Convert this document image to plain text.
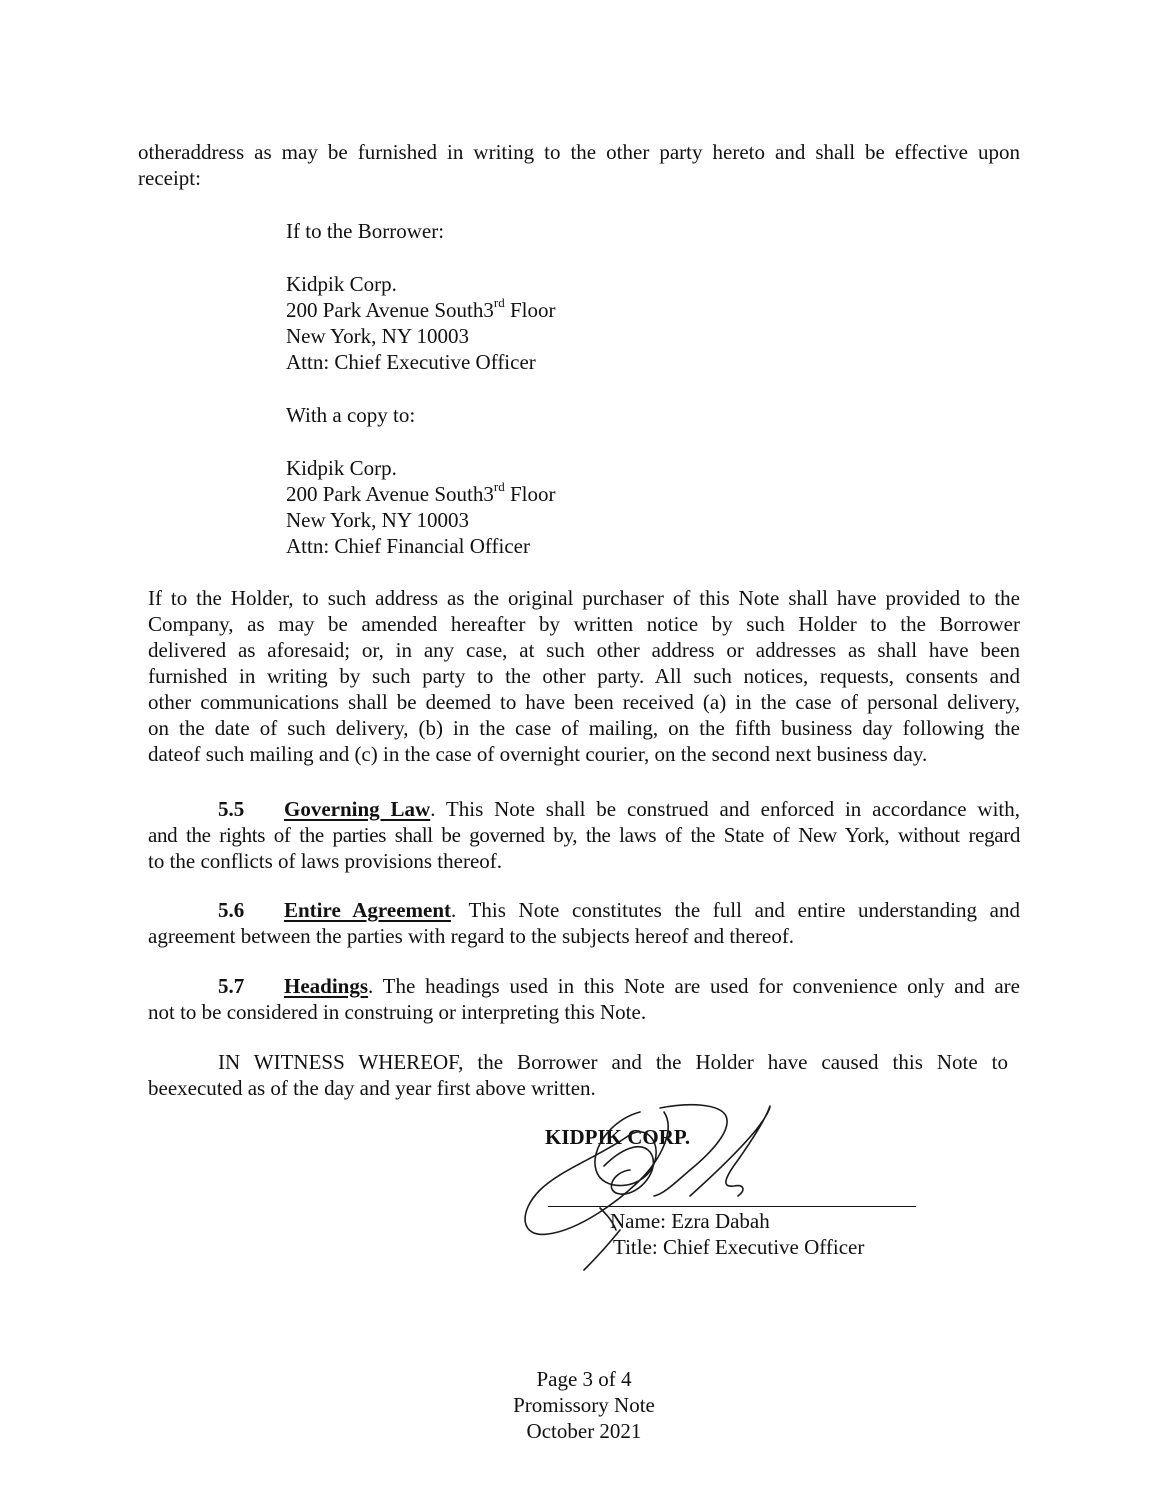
otheraddress as may be furnished in writing to the other party hereto and shall be effective upon
receipt:
If to the Borrower:
Kidpik Corp.
200 Park Avenue South3rd Floor
New York, NY 10003
Attn: Chief Executive Officer
With a copy to:
Kidpik Corp.
200 Park Avenue South3rd Floor
New York, NY 10003
Attn: Chief Financial Officer
If to the Holder, to such address as the original purchaser of this Note shall have provided to the
Company, as may be amended hereafter by written notice by such Holder to the Borrower
delivered as aforesaid; or, in any case, at such other address or addresses as shall have been
furnished in writing by such party to the other party. All such notices, requests, consents and
other communications shall be deemed to have been received (a) in the case of personal delivery,
on the date of such delivery, (b) in the case of mailing, on the fifth business day following the
dateof such mailing and (c) in the case of overnight courier, on the second next business day.
5.5 Governing Law. This Note shall be construed and enforced in accordance with,
and the rights of the parties shall be governed by, the laws of the State of New York, without regard
to the conflicts of laws provisions thereof.
5.6 Entire Agreement. This Note constitutes the full and entire understanding and
agreement between the parties with regard to the subjects hereof and thereof.
5.7 Headings. The headings used in this Note are used for convenience only and are
not to be considered in construing or interpreting this Note.
IN WITNESS WHEREOF, the Borrower and the Holder have caused this Note to
beexecuted as of the day and year first above written.
KIDPIK CORP.
Name: Ezra Dabah
Title: Chief Executive Officer
Page 3 of 4
Promissory Note
October 2021
